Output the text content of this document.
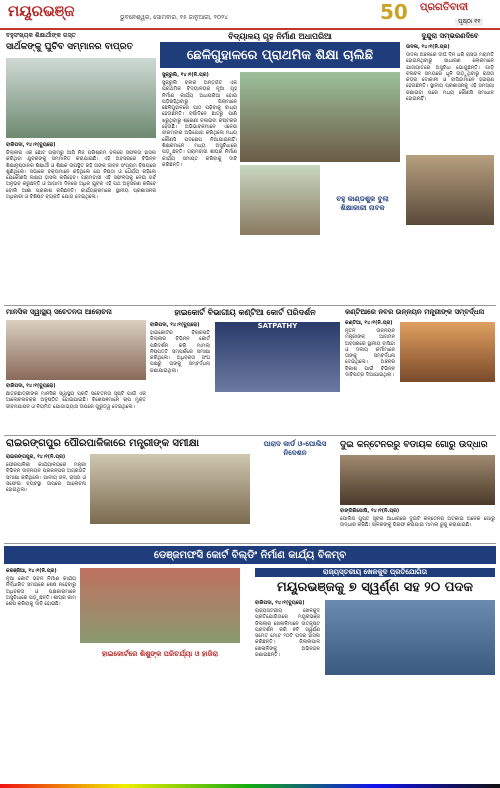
ମୟୂରଭଞ୍ଜ	ଭୁବନେଶ୍ୱର, ସୋମବାର, ୧୫ ଜାନୁଆରୀ, ୨୦୨୪	50 ପ୍ରଗତିବାଦୀ
ପୃଷ୍ଠା ୧୧
ବହୁସଂଖ୍ୟକ ଶିକ୍ଷାର୍ଥୀଙ୍କ ଗସ୍ତ
ସାର୍ଥକଙ୍କୁ ଘୁଚିବ ସମ୍ମାନର ବାପ୍ରତ
ବାରିପଦା, ୧୪।୧(ବ୍ୟୁରୋ)
ଜିଲ୍ଲାର ଏକ ଛୋଟ ଗ୍ରାମରୁ ଆସି ନିଜ ପରିଶ୍ରମ ବଳରେ ସଫଳତା ହାସଲ କରିଥିବା ଯୁବକଙ୍କୁ ସମ୍ମାନିତ କରାଯାଇଛି। ଏହି ଅବସରରେ ବିଭିନ୍ନ ଶିକ୍ଷାନୁଷ୍ଠାନର ଶିକ୍ଷାର୍ଥୀ ଓ ଶିକ୍ଷକ ଉପସ୍ଥିତ ରହି ତାଙ୍କ ଜୀବନ ସଂଗ୍ରାମ ବିଷୟରେ ଶୁଣିଥିଲେ। ସଭାରେ ବକ୍ତାମାନେ କହିଥିଲେ ଯେ ନିଷ୍ଠା ଓ ଧୈର୍ଯ୍ୟ ରହିଲେ ଯେକୌଣସି ଲକ୍ଷ୍ୟ ହାସଲ କରିହେବ। ଗ୍ରାମବାସୀ ଏହି ସଫଳତାକୁ ନେଇ ଗର୍ବ ଅନୁଭବ କରୁଛନ୍ତି ଓ ଆଗାମୀ ଦିନରେ ଅଧିକ ଯୁବକ ଏହି ପଥ ଅନୁସରଣ କରିବେ ବୋଲି ଆଶା ପ୍ରକାଶ କରିଛନ୍ତି। କାର୍ଯ୍ୟକ୍ରମରେ ସ୍ଥାନୀୟ ପ୍ରଶାସନର ଅଧିକାରୀ ଓ ବିଶିଷ୍ଟ ବ୍ୟକ୍ତି ଯୋଗ ଦେଇଥିଲେ।
ବିଦ୍ୟାଳୟ ଗୃହ ନିର୍ମାଣ ଅଧାପରିଆ
ଛେଳିଗୁହାଳରେ ପ୍ରାଥମିକ ଶିକ୍ଷା ଚାଲିଛି
ସୁକ୍ରୁଲି, ୧୪।୧(ନି.ପ୍ର)
ସୁକ୍ରୁଲି ବ୍ଲକ ଅନ୍ତର୍ଗତ ଏକ ପ୍ରାଥମିକ ବିଦ୍ୟାଳୟର ନୂଆ ଗୃହ ନିର୍ମାଣ କାର୍ଯ୍ୟ ଅଧାପରିଆ ହୋଇ ପଡ଼ିରହିଥିବାରୁ ପିଲାମାନେ ଛେଳିଗୁହାଳରେ ପାଠ ପଢ଼ିବାକୁ ବାଧ୍ୟ ହେଉଛନ୍ତି। ବର୍ଷାଦିନେ ଛାତରୁ ପାଣି ଝରୁଥିବାରୁ ଶ୍ରେଣୀ ଚଳାଇବା କଷ୍ଟକର ହେଉଛି। ଅଭିଭାବକମାନେ ଏନେଇ ବାରମ୍ବାର ଅଭିଯୋଗ କରିଥିଲେ ମଧ୍ୟ କୌଣସି ପଦକ୍ଷେପ ନିଆଯାଇନାହିଁ। ଶିକ୍ଷକମାନେ ମଧ୍ୟ ଅସୁବିଧାରେ ପଡ଼ୁଛନ୍ତି। ଗ୍ରାମବାସୀ ଶୀଘ୍ର ନିର୍ମାଣ କାର୍ଯ୍ୟ ସମାପ୍ତ କରିବାକୁ ଦାବି କରିଛନ୍ତି।
ବହୁ କାଣ୍ଡଶୁକ ବୁଲା ଶିକ୍ଷାକାରୀ ନାବକ
ଦୁନ୍ଦୁରା ସମ୍ଭରଣଦିବେ
ଉଦଳା, ୧୪।୧(ନି.ପ୍ର)
ଉଦଳା ଅଞ୍ଚଳରେ ଦୀର୍ଘ ଦିନ ଧରି ରାସ୍ତା ମରାମତି ହୋଇନଥିବାରୁ ସାଧାରଣ ଲୋକମାନେ ଯାତାୟାତରେ ଅସୁବିଧା ଭୋଗୁଛନ୍ତି। ଗାଡ଼ି ଚଳାଚଳ ସମୟରେ ଧୂଳି ଉଡ଼ୁଥିବାରୁ ରାସ୍ତା କଡ଼ର ଦୋକାନୀ ଓ ବାସିନ୍ଦାମାନେ ହଇରାଣ ହେଉଛନ୍ତି। ସ୍ଥାନୀୟ ପ୍ରଶାସନକୁ ଏହି ସମସ୍ୟା ଜଣାଇବା ପରେ ମଧ୍ୟ କୌଣସି ସମାଧାନ ହୋଇନାହିଁ।
ମାନସିକ ସ୍ୱାସ୍ଥ୍ୟ ସଚେତନତା ଆଲୋଚନା
ବାରିପଦା, ୧୪।୧(ବ୍ୟୁରୋ)
ଛାତ୍ରଛାତ୍ରୀଙ୍କ ମାନସିକ ସ୍ୱାସ୍ଥ୍ୟ ପ୍ରତି ସଚେତନତା ସୃଷ୍ଟି ପାଇଁ ଏକ ଆଲୋଚନାଚକ୍ର ଅନୁଷ୍ଠିତ ହୋଇଯାଇଛି। ବିଶେଷଜ୍ଞମାନେ ଚାପ ମୁକ୍ତ ଜୀବନଯାପନ ଓ ନିୟମିତ ଯୋଗାଭ୍ୟାସ ଉପରେ ଗୁରୁତ୍ୱ ଦେଇଥିଲେ।
ହାଇକୋର୍ଟ ବିଭାଗୀୟ କଣ୍ଟିଆ କୋର୍ଟ ପରିଦର୍ଶନ
ବାରିପଦା, ୧୪।୧(ବ୍ୟୁରୋ)
ହାଇକୋର୍ଟର ବିଚାରପତି ଜିଲ୍ଲାର ବିଭିନ୍ନ କୋର୍ଟ ପରିଦର୍ଶନ କରି ମାମଲା ନିଷ୍ପତ୍ତି ସମ୍ପର୍କରେ ସମୀକ୍ଷା କରିଥିଲେ। ଅଧିବକ୍ତା ସଂଘ ପକ୍ଷରୁ ତାଙ୍କୁ ସମ୍ବର୍ଦ୍ଧନା ଜଣାଯାଇଥିଲା।
SATPATHY
କଣ୍ଟିଆରେ ନବର ଉନ୍ନୟନ ମନ୍ତ୍ରୀଙ୍କ ସମ୍ବର୍ଦ୍ଧନା
କଣ୍ଟିଆ, ୧୪।୧(ନି.ପ୍ର)
ନୂତନ ଉନ୍ନୟନ ମନ୍ତ୍ରୀଙ୍କ ଆଗମନ ଅବସରରେ ସ୍ଥାନୀୟ ବାସିନ୍ଦା ଓ ଦଳୀୟ କର୍ମୀମାନେ ତାଙ୍କୁ ସମ୍ବର୍ଦ୍ଧନା ଦେଇଥିଲେ। ଅଞ୍ଚଳର ବିକାଶ ପାଇଁ ବିଭିନ୍ନ ଦାବିପତ୍ର ଦିଆଯାଇଥିଲା।
ରାଇରଙ୍ଗପୁର ପୌରପାଳିକାରେ ମନ୍ତ୍ରୀଙ୍କ ସମୀକ୍ଷା
ରାଇରଙ୍ଗପୁର, ୧୪।୧(ନି.ପ୍ର)
ପୌରପାଳିକା କାର୍ଯ୍ୟାଳୟରେ ମନ୍ତ୍ରୀ ବିଭିନ୍ନ ଉନ୍ନୟନ ପ୍ରକଳ୍ପର ଅଗ୍ରଗତି ସମୀକ୍ଷା କରିଥିଲେ। ପାନୀୟ ଜଳ, ରାସ୍ତା ଓ ସଫେଇ ବ୍ୟବସ୍ଥା ଉପରେ ଆଲୋଚନା ହୋଇଥିଲା।
ପାରାଦ କାର୍ଡ ଓ-ପୋଲିସ ନିଦେଶନ
ଦୁଇ କନ୍ଟେନରରୁ ବଡାୟକ ଗୋରୁ ଉଦ୍ଧାର
ବାଙ୍ଗିରିପୋଷି, ୧୪।୧(ନି.ପ୍ର)
ପୋଲିସ ଗୁପ୍ତ ସୂଚନା ଆଧାରରେ ଦୁଇଟି କନ୍ଟେନର ଅଟକାଇ ଅନେକ ଗୋରୁ ଉଦ୍ଧାର କରିଛି। ଚାଳକଙ୍କୁ ଗିରଫ କରାଯାଇ ମାମଲା ରୁଜୁ କରାଯାଇଛି।
ଡେଞ୍ଜମଫସି କୋର୍ଟ ବିଲ୍ଡିଂ ନିର୍ମାଣ କାର୍ଯ୍ୟ ବିଳମ୍ବ
କରଞ୍ଜିଆ, ୧୪।୧(ନି.ପ୍ର)
ନୂଆ କୋର୍ଟ ଭବନ ନିର୍ମାଣ କାର୍ଯ୍ୟ ନିର୍ଦ୍ଧାରିତ ସମୟରେ ଶେଷ ନହେବାରୁ ଅଧିବକ୍ତା ଓ ପକ୍ଷକାରମାନେ ଅସୁବିଧାରେ ପଡ଼ୁଛନ୍ତି। ଶୀଘ୍ର କାମ ଶେଷ କରିବାକୁ ଦାବି ହୋଇଛି।
ହାଇକୋର୍ଟରେ ଶିଶୁଙ୍କ ପରିଚର୍ଯ୍ୟା ଓ ହାଜିରା
ରାଜ୍ୟସ୍ତରୀୟ ଖେଳକୁଦ ପ୍ରତିଯୋଗିତା
ମୟୂରଭଞ୍ଜକୁ ୭ ସ୍ୱର୍ଣ୍ଣ ସହ ୨୦ ପଦକ
ବାରିପଦା, ୧୪।୧(ବ୍ୟୁରୋ)
ରାଜ୍ୟସ୍ତରୀୟ ଖେଳକୁଦ ପ୍ରତିଯୋଗିତାରେ ମୟୂରଭଞ୍ଜ ଜିଲ୍ଲାର ଖେଳାଳିମାନେ ଉତ୍କୃଷ୍ଟ ପ୍ରଦର୍ଶନ କରି ୭ଟି ସ୍ୱର୍ଣ୍ଣ ସମେତ ମୋଟ ୨୦ଟି ପଦକ ହାସଲ କରିଛନ୍ତି। ଜିଲ୍ଲାପାଳ ଖେଳାଳିଙ୍କୁ ଅଭିନନ୍ଦନ ଜଣାଇଛନ୍ତି।
